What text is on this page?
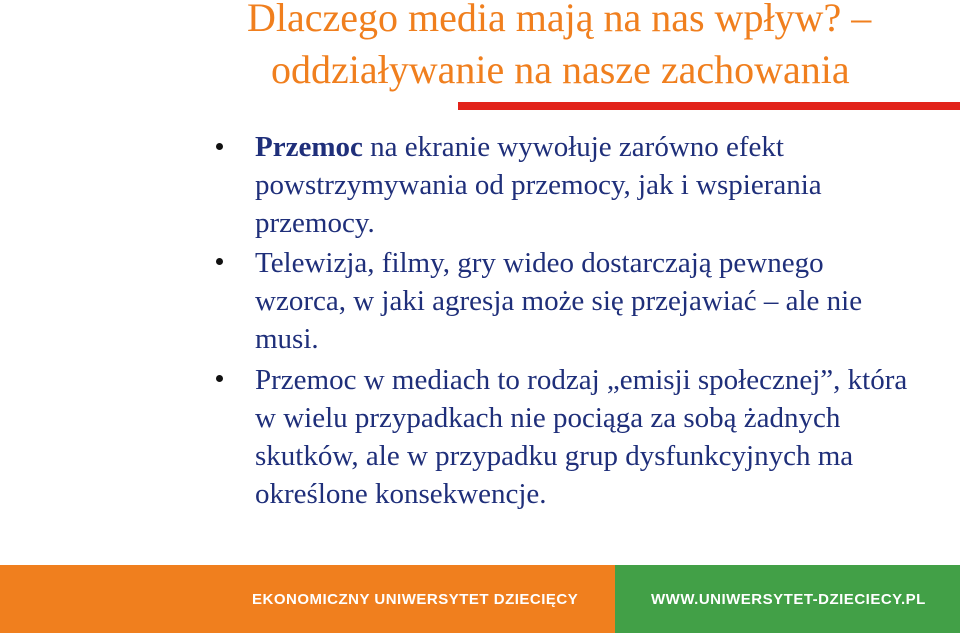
Dlaczego media mają na nas wpływ? –
oddziaływanie na nasze zachowania
Przemoc na ekranie wywołuje zarówno efekt powstrzymywania od przemocy, jak i wspierania przemocy.
Telewizja, filmy, gry wideo dostarczają pewnego wzorca, w jaki agresja może się przejawiać – ale nie musi.
Przemoc w mediach to rodzaj „emisji społecznej”, która w wielu przypadkach nie pociąga za sobą żadnych skutków, ale w przypadku grup dysfunkcyjnych ma określone konsekwencje.
EKONOMICZNY UNIWERSYTET DZIECIĘCY	WWW.UNIWERSYTET-DZIECIECY.PL
